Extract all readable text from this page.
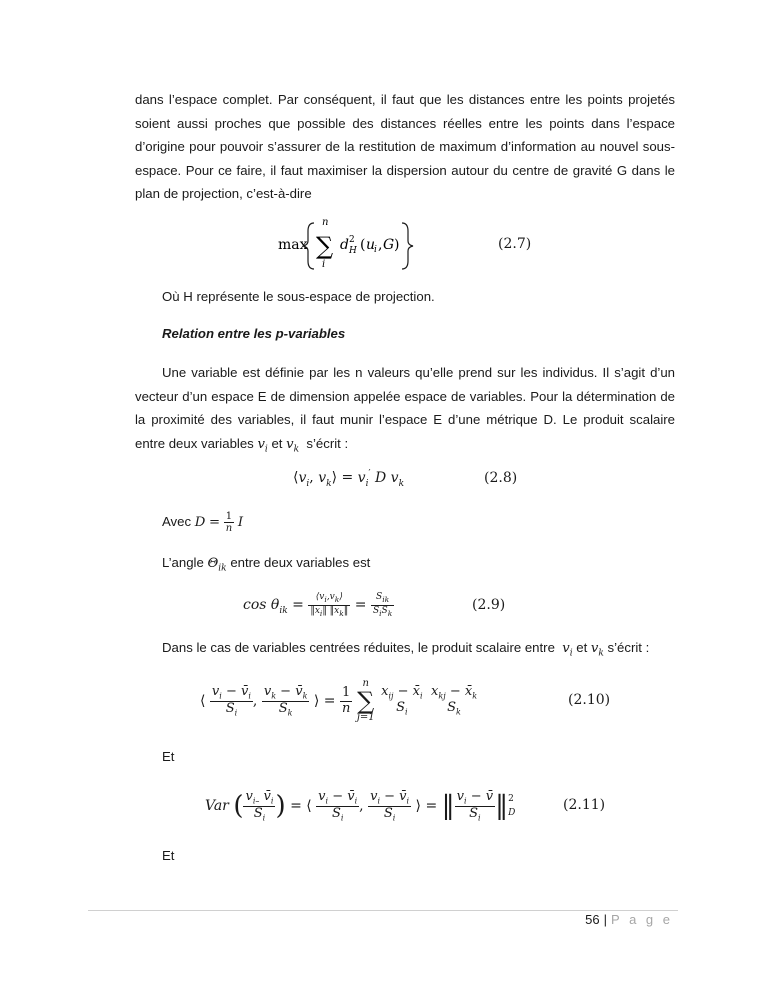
dans l’espace complet. Par conséquent, il faut que les distances entre les points projetés soient aussi proches que possible des distances réelles entre les points dans l’espace d’origine pour pouvoir s’assurer de la restitution de maximum d’information au nouvel sous-espace. Pour ce faire, il faut maximiser la dispersion autour du centre de gravité G dans le plan de projection, c’est-à-dire
max
n
∑
i
d 2
H ( u
i , G )	(2.7)
Où H représente le sous-espace de projection.
Relation entre les p-variables
Une variable est définie par les n valeurs qu’elle prend sur les individus. Il s’agit d’un vecteur d’un espace E de dimension appelée espace de variables. Pour la détermination de la proximité des variables, il faut munir l’espace E d’une métrique D. Le produit scalaire entre deux variables $v_i$ et $v_k$ s’écrit :
$⟨v_i$, $v_k⟩ = v_i'$ D $v_k$	(2.8)
Avec $D = \frac{1}{n}$ I
L’angle $\Theta_{ik}$ entre deux variables est
$\cos \theta_{ik} = \frac{⟨v_i,v_k⟩}{‖x_i‖ ‖x_k‖} = \frac{S_{ik}}{S_iS_k}$	(2.9)
Dans le cas de variables centrées réduites, le produit scalaire entre $v_i$ et $v_k$ s’écrit :
⟨ $\frac{v_i - v̄_i}{S_i}$ , $\frac{v_k - v̄_k}{S_k}$ ⟩ = $\frac{1}{n}$

n
∑
j=1

$x_{ij}$ − $x̄_i$
$S_i$

$x_{kj}$ − $x̄_k$
$S_k$
(2.10)
Et
Var ( $\frac{v_{i-} v̄_i}{S_i}$ ) = ⟨ $\frac{v_i - v̄_i}{S_i}$ , $\frac{v_i - v̄_i}{S_i}$ ⟩ = ‖ $\frac{v_i - v̄}{S_i}$ ‖ 2
D	(2.11)
Et
56 | P a g e
